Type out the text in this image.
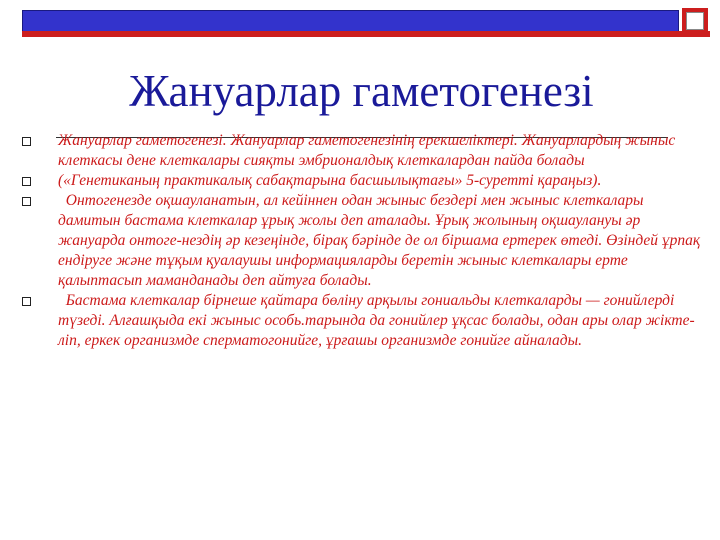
Жануарлар гаметогенезі
Жануарлар гаметогенезі. Жануарлар гаметогенезінің ерекшеліктері. Жануарлардың жыныс клеткасы дене клеткалары сияқты эмбрионалдық клеткалардан пайда болады
(«Генетиканың практикалық сабақтарына басшылықтағы» 5-суретті қараңыз).
Онтогенезде оқшауланатын, ал кейіннен одан жыныс бездері мен жыныс клеткалары дамитын бастама клеткалар ұрық жолы деп аталады. Ұрық жолының оқшаулануы әр жануарда онтоге-нездің әр кезеңінде, бірақ бәрінде де ол біршама ертерек өтеді. Өзіндей ұрпақ ендіруге және тұқым қуалаушы информацияларды беретін жыныс клеткалары ерте қалыптасып маманданады деп айтуға болады.
Бастама клеткалар бірнеше қайтара бөліну арқылы гониальды клеткаларды — гонийлерді түзеді. Алғашқыда екі жыныс особь.тарында да гонийлер ұқсас болады, одан ары олар жікте-ліп, еркек организмде сперматогонийге, ұрғашы организмде гонийге айналады.
